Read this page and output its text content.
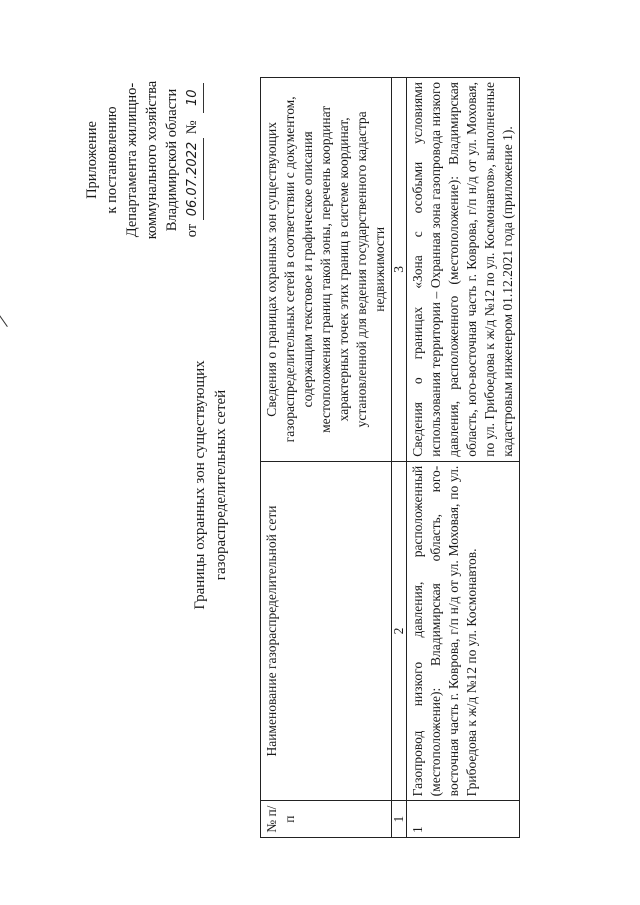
Приложение к постановлению Департамента жилищно- коммунального хозяйства Владимирской области от 06.07.2022 № 10
Границы охранных зон существующих газораспределительных сетей
№ п/п	Наименование газораспределительной сети	Сведения о границах охранных зон существующих газораспределительных сетей в соответствии с документом, содержащим текстовое и графическое описания местоположения границ такой зоны, перечень координат характерных точек этих границ в системе координат, установленной для ведения государственного кадастра недвижимости
1	2	3
1	Газопровод низкого давления, расположенный (местоположение): Владимирская область, юго-восточная часть г. Коврова, г/п н/д от ул. Моховая, по ул. Грибоедова к ж/д №12 по ул. Космонавтов.	Сведения о границах «Зона с особыми условиями использования территории – Охранная зона газопровода низкого давления, расположенного (местоположение): Владимирская область, юго-восточная часть г. Коврова, г/п н/д от ул. Моховая, по ул. Грибоедова к ж/д №12 по ул. Космонавтов», выполненные кадастровым инженером 01.12.2021 года (приложение 1).
